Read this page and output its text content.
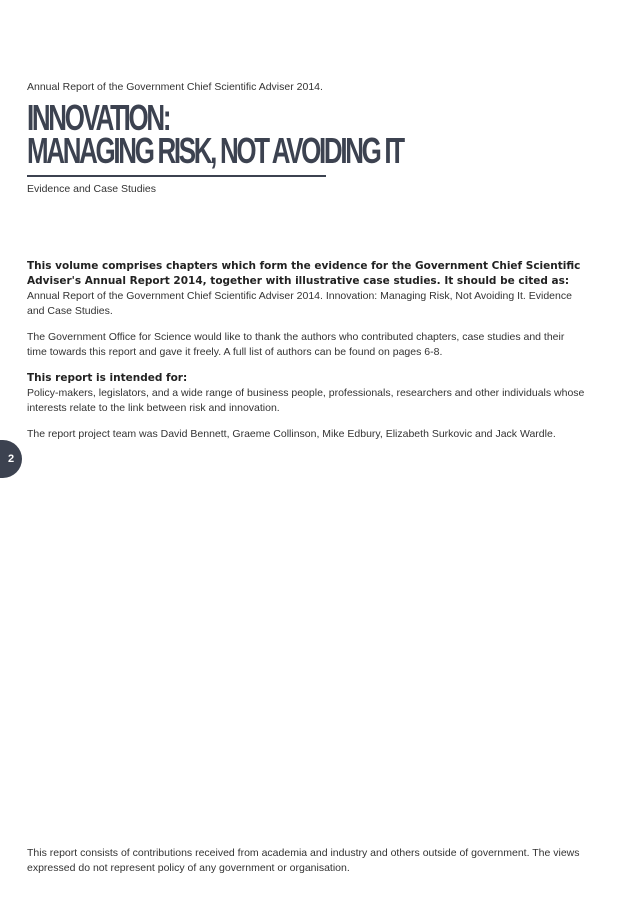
Annual Report of the Government Chief Scientific Adviser 2014.
INNOVATION:
MANAGING RISK, NOT AVOIDING IT
Evidence and Case Studies

This volume comprises chapters which form the evidence for the Government Chief Scientific Adviser's Annual Report 2014, together with illustrative case studies. It should be cited as:
Annual Report of the Government Chief Scientific Adviser 2014. Innovation: Managing Risk, Not Avoiding It. Evidence and Case Studies.

The Government Office for Science would like to thank the authors who contributed chapters, case studies and their time towards this report and gave it freely. A full list of authors can be found on pages 6-8.

This report is intended for:
Policy-makers, legislators, and a wide range of business people, professionals, researchers and other individuals whose interests relate to the link between risk and innovation.

The report project team was David Bennett, Graeme Collinson, Mike Edbury, Elizabeth Surkovic and Jack Wardle.

2
This report consists of contributions received from academia and industry and others outside of government. The views expressed do not represent policy of any government or organisation.
